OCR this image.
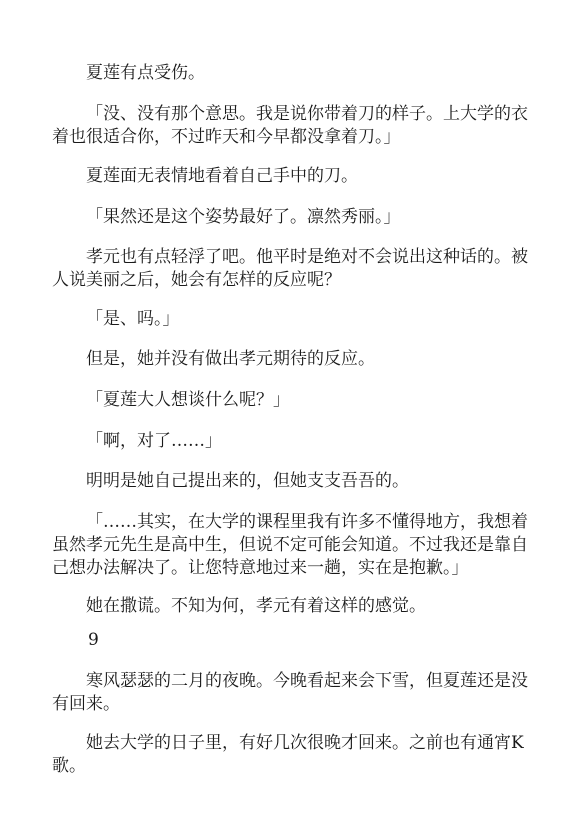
夏莲有点受伤。

「没、没有那个意思。我是说你带着刀的样子。上大学的衣着也很适合你，不过昨天和今早都没拿着刀。」

夏莲面无表情地看着自己手中的刀。

「果然还是这个姿势最好了。凛然秀丽。」

孝元也有点轻浮了吧。他平时是绝对不会说出这种话的。被人说美丽之后，她会有怎样的反应呢？

「是、吗。」

但是，她并没有做出孝元期待的反应。

「夏莲大人想谈什么呢？」

「啊，对了……」

明明是她自己提出来的，但她支支吾吾的。

「……其实，在大学的课程里我有许多不懂得地方，我想着虽然孝元先生是高中生，但说不定可能会知道。不过我还是靠自己想办法解决了。让您特意地过来一趟，实在是抱歉。」

她在撒谎。不知为何，孝元有着这样的感觉。

9

寒风瑟瑟的二月的夜晚。今晚看起来会下雪，但夏莲还是没有回来。

她去大学的日子里，有好几次很晚才回来。之前也有通宵K歌。
